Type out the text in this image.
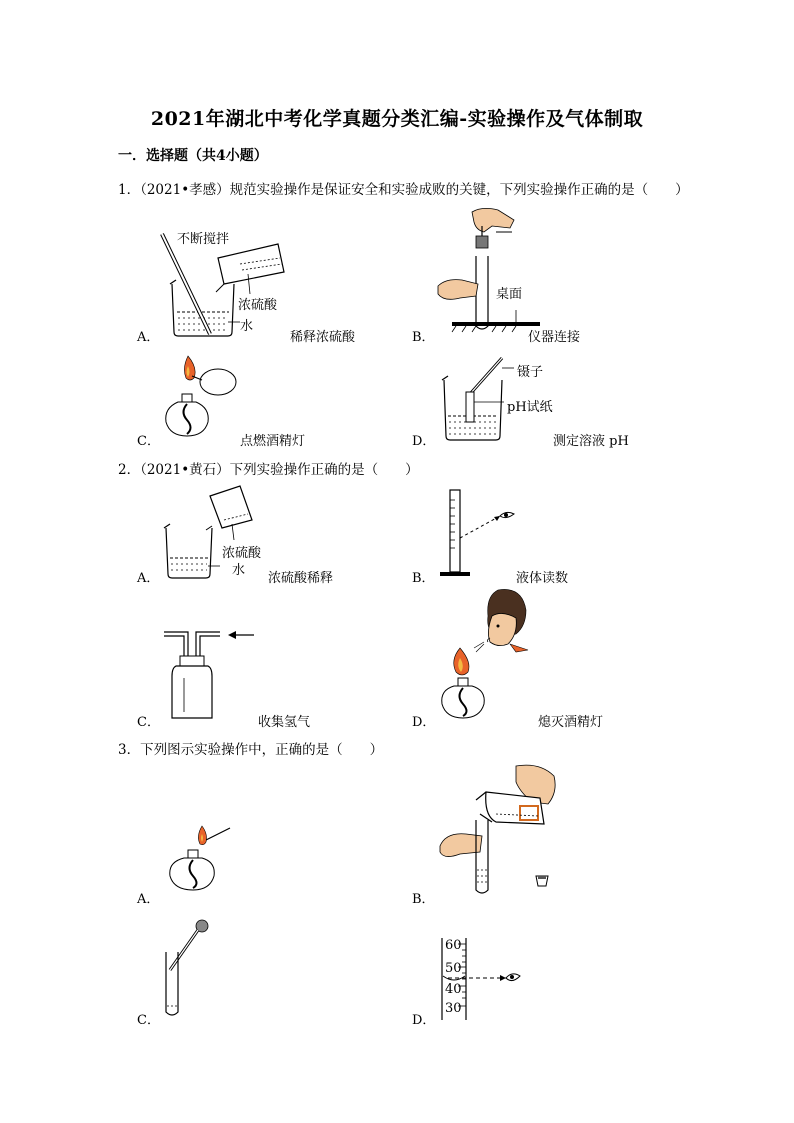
2021年湖北中考化学真题分类汇编-实验操作及气体制取
一．选择题（共4小题）
1．（2021•孝感）规范实验操作是保证安全和实验成败的关键，下列实验操作正确的是（　　）
不断搅拌
浓硫酸
水
A．	稀释浓硫酸
桌面
B．	仪器连接
C．	点燃酒精灯
镊子
pH试纸
D．	测定溶液 pH
2．（2021•黄石）下列实验操作正确的是（　　）
浓硫酸
水
A．	浓硫酸稀释	B．	液体读数
C．	收集氢气	D．	熄灭酒精灯
3．下列图示实验操作中，正确的是（　　）
A．	B．
C．
60
50
40
30
D．
